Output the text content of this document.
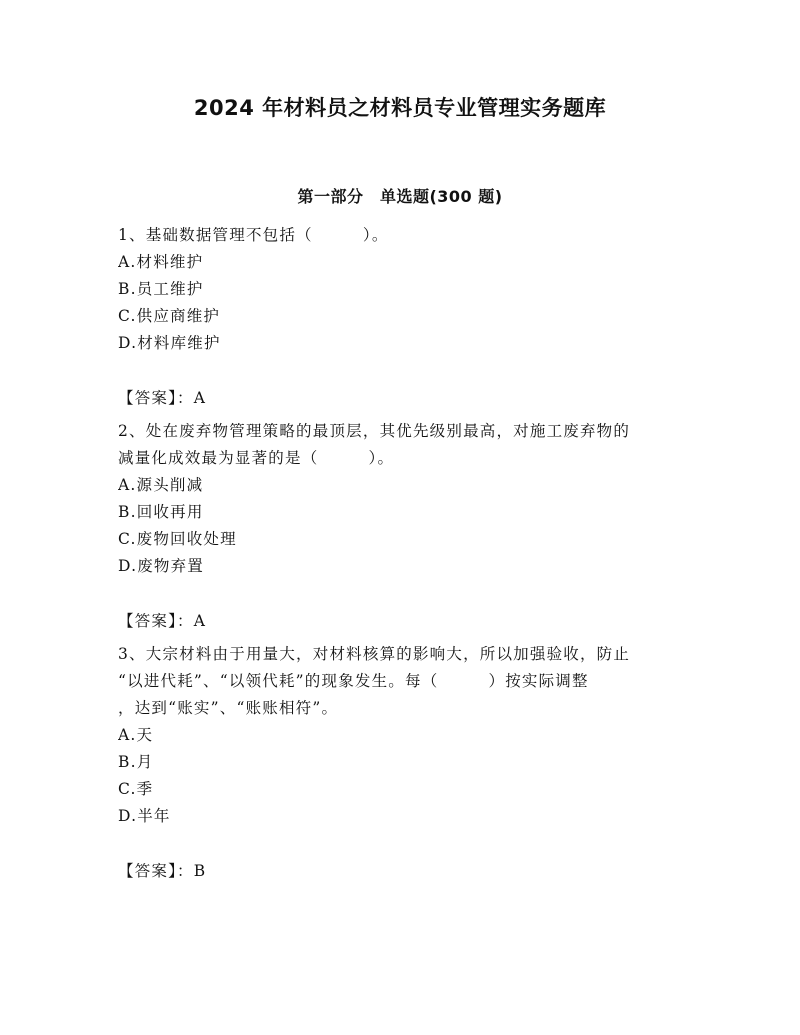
2024 年材料员之材料员专业管理实务题库
第一部分　单选题(300 题)
1、基础数据管理不包括（　　　）。
A.材料维护
B.员工维护
C.供应商维护
D.材料库维护
【答案】：A
2、处在废弃物管理策略的最顶层，其优先级别最高，对施工废弃物的
减量化成效最为显著的是（　　　）。
A.源头削减
B.回收再用
C.废物回收处理
D.废物弃置
【答案】：A
3、大宗材料由于用量大，对材料核算的影响大，所以加强验收，防止
“以进代耗”、“以领代耗”的现象发生。每（　　　）按实际调整
，达到“账实”、“账账相符”。
A.天
B.月
C.季
D.半年
【答案】：B
